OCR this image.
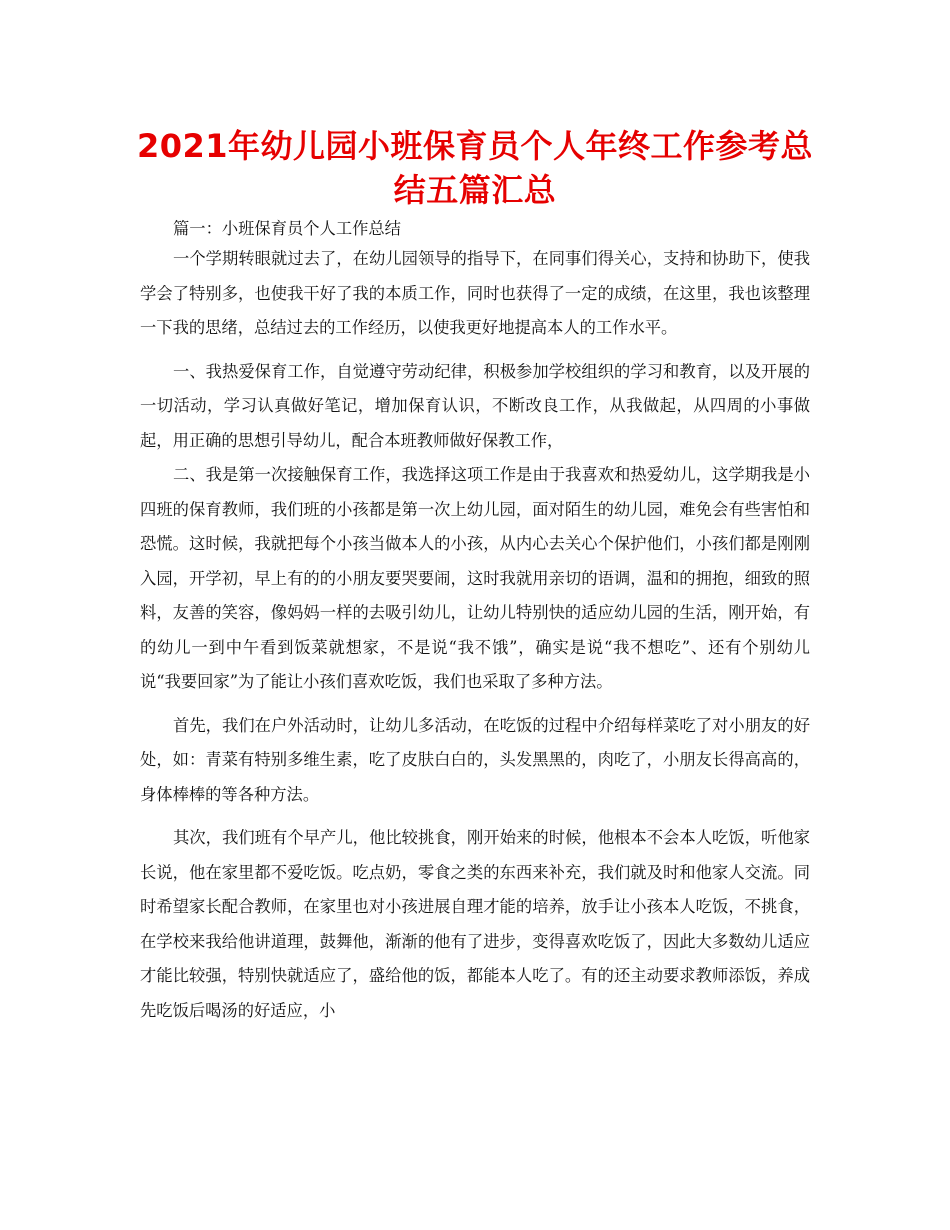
2021年幼儿园小班保育员个人年终工作参考总
结五篇汇总

篇一：小班保育员个人工作总结

一个学期转眼就过去了，在幼儿园领导的指导下，在同事们得关心，支持和协助下，使我学会了特别多，也使我干好了我的本质工作，同时也获得了一定的成绩，在这里，我也该整理一下我的思绪，总结过去的工作经历，以使我更好地提高本人的工作水平。

一、我热爱保育工作，自觉遵守劳动纪律，积极参加学校组织的学习和教育，以及开展的一切活动，学习认真做好笔记，增加保育认识，不断改良工作，从我做起，从四周的小事做起，用正确的思想引导幼儿，配合本班教师做好保教工作，

二、我是第一次接触保育工作，我选择这项工作是由于我喜欢和热爱幼儿，这学期我是小四班的保育教师，我们班的小孩都是第一次上幼儿园，面对陌生的幼儿园，难免会有些害怕和恐慌。这时候，我就把每个小孩当做本人的小孩，从内心去关心个保护他们，小孩们都是刚刚入园，开学初，早上有的的小朋友要哭要闹，这时我就用亲切的语调，温和的拥抱，细致的照料，友善的笑容，像妈妈一样的去吸引幼儿，让幼儿特别快的适应幼儿园的生活，刚开始，有的幼儿一到中午看到饭菜就想家，不是说“我不饿”，确实是说“我不想吃”、还有个别幼儿说“我要回家”为了能让小孩们喜欢吃饭，我们也采取了多种方法。

首先，我们在户外活动时，让幼儿多活动，在吃饭的过程中介绍每样菜吃了对小朋友的好处，如：青菜有特别多维生素，吃了皮肤白白的，头发黑黑的，肉吃了，小朋友长得高高的，身体棒棒的等各种方法。

其次，我们班有个早产儿，他比较挑食，刚开始来的时候，他根本不会本人吃饭，听他家长说，他在家里都不爱吃饭。吃点奶，零食之类的东西来补充，我们就及时和他家人交流。同时希望家长配合教师，在家里也对小孩进展自理才能的培养，放手让小孩本人吃饭，不挑食，在学校来我给他讲道理，鼓舞他，渐渐的他有了进步，变得喜欢吃饭了，因此大多数幼儿适应才能比较强，特别快就适应了，盛给他的饭，都能本人吃了。有的还主动要求教师添饭，养成先吃饭后喝汤的好适应，小
